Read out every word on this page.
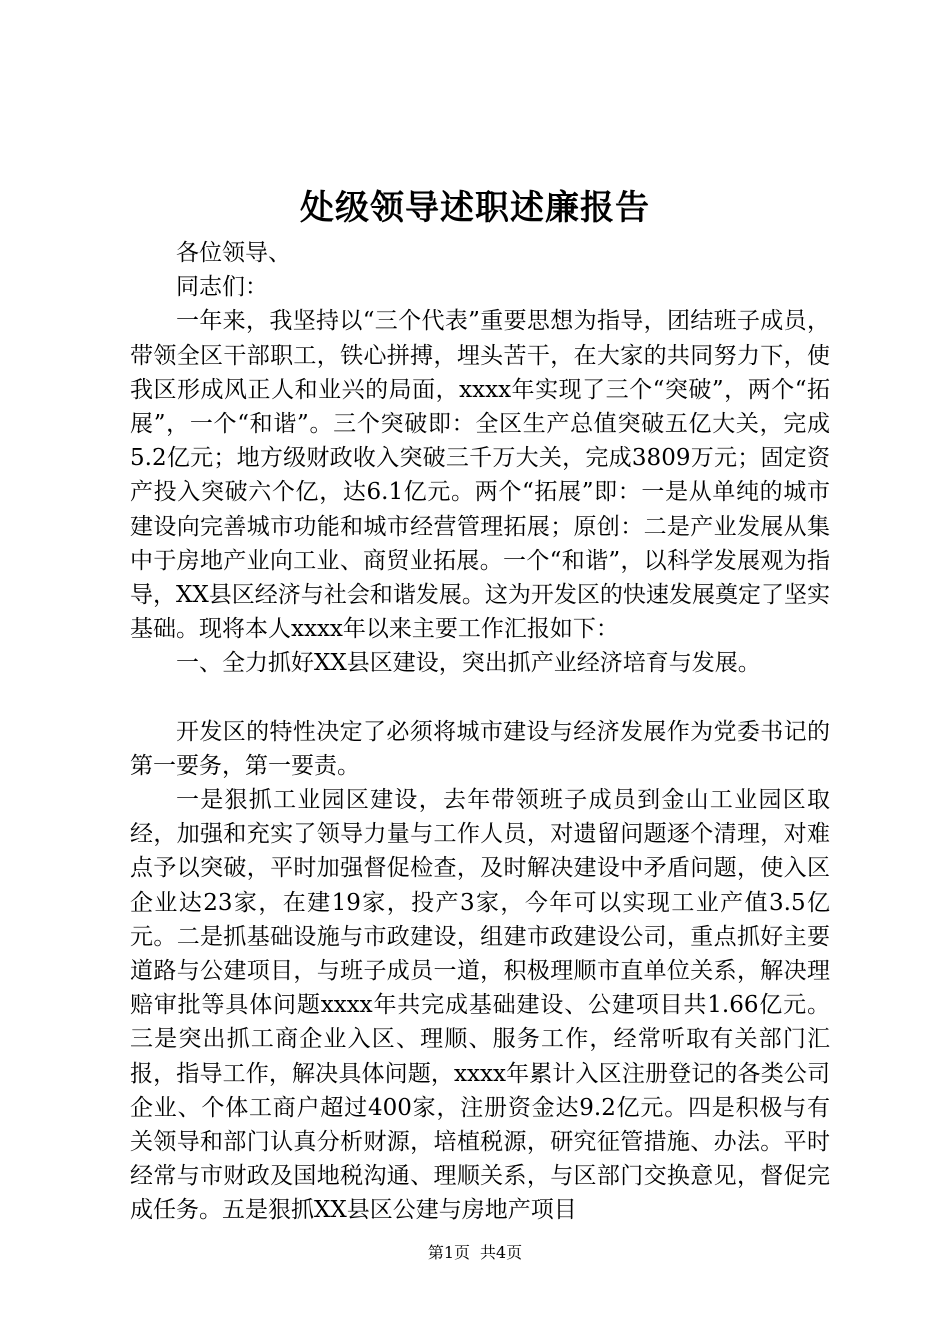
处级领导述职述廉报告

各位领导、

同志们：

一年来，我坚持以“三个代表”重要思想为指导，团结班子成员，带领全区干部职工，铁心拼搏，埋头苦干，在大家的共同努力下，使我区形成风正人和业兴的局面，xxxx年实现了三个“突破”，两个“拓展”，一个“和谐”。三个突破即：全区生产总值突破五亿大关，完成5.2亿元；地方级财政收入突破三千万大关，完成3809万元；固定资产投入突破六个亿，达6.1亿元。两个“拓展”即：一是从单纯的城市建设向完善城市功能和城市经营管理拓展；原创：二是产业发展从集中于房地产业向工业、商贸业拓展。一个“和谐”，以科学发展观为指导，XX县区经济与社会和谐发展。这为开发区的快速发展奠定了坚实基础。现将本人xxxx年以来主要工作汇报如下：

一、全力抓好XX县区建设，突出抓产业经济培育与发展。

开发区的特性决定了必须将城市建设与经济发展作为党委书记的第一要务，第一要责。

一是狠抓工业园区建设，去年带领班子成员到金山工业园区取经，加强和充实了领导力量与工作人员，对遗留问题逐个清理，对难点予以突破，平时加强督促检查，及时解决建设中矛盾问题，使入区企业达23家，在建19家，投产3家，今年可以实现工业产值3.5亿元。二是抓基础设施与市政建设，组建市政建设公司，重点抓好主要道路与公建项目，与班子成员一道，积极理顺市直单位关系，解决理赔审批等具体问题xxxx年共完成基础建设、公建项目共1.66亿元。三是突出抓工商企业入区、理顺、服务工作，经常听取有关部门汇报，指导工作，解决具体问题，xxxx年累计入区注册登记的各类公司企业、个体工商户超过400家，注册资金达9.2亿元。四是积极与有关领导和部门认真分析财源，培植税源，研究征管措施、办法。平时经常与市财政及国地税沟通、理顺关系，与区部门交换意见，督促完成任务。五是狠抓XX县区公建与房地产项目

第1页 共4页
